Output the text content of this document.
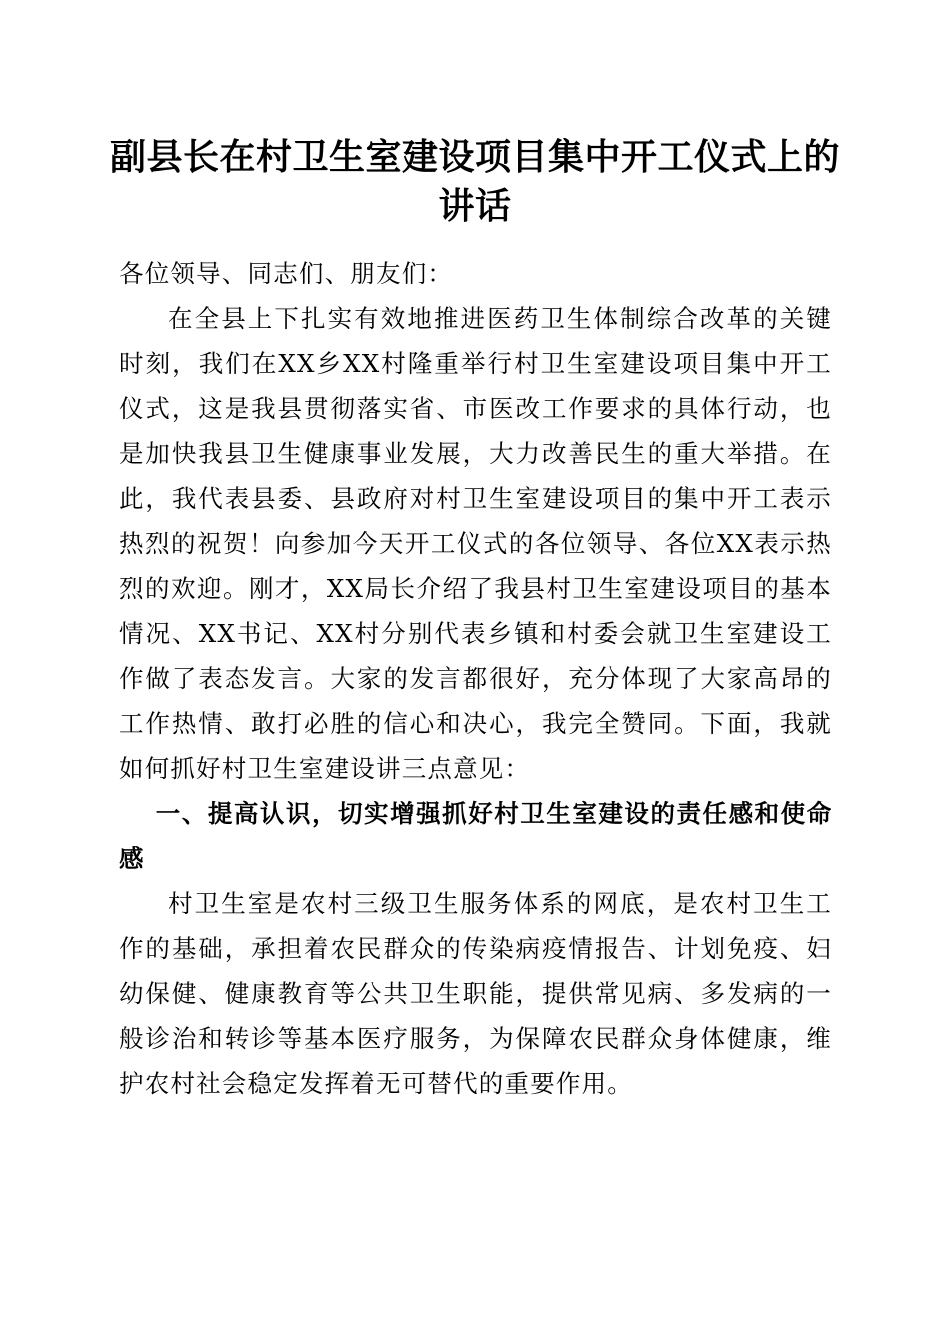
副县长在村卫生室建设项目集中开工仪式上的讲话

各位领导、同志们、朋友们：

在全县上下扎实有效地推进医药卫生体制综合改革的关键时刻，我们在XX乡XX村隆重举行村卫生室建设项目集中开工仪式，这是我县贯彻落实省、市医改工作要求的具体行动，也是加快我县卫生健康事业发展，大力改善民生的重大举措。在此，我代表县委、县政府对村卫生室建设项目的集中开工表示热烈的祝贺！向参加今天开工仪式的各位领导、各位XX表示热烈的欢迎。刚才，XX局长介绍了我县村卫生室建设项目的基本情况、XX书记、XX村分别代表乡镇和村委会就卫生室建设工作做了表态发言。大家的发言都很好，充分体现了大家高昂的工作热情、敢打必胜的信心和决心，我完全赞同。下面，我就如何抓好村卫生室建设讲三点意见：

一、提高认识，切实增强抓好村卫生室建设的责任感和使命感

村卫生室是农村三级卫生服务体系的网底，是农村卫生工作的基础，承担着农民群众的传染病疫情报告、计划免疫、妇幼保健、健康教育等公共卫生职能，提供常见病、多发病的一般诊治和转诊等基本医疗服务，为保障农民群众身体健康，维护农村社会稳定发挥着无可替代的重要作用。
